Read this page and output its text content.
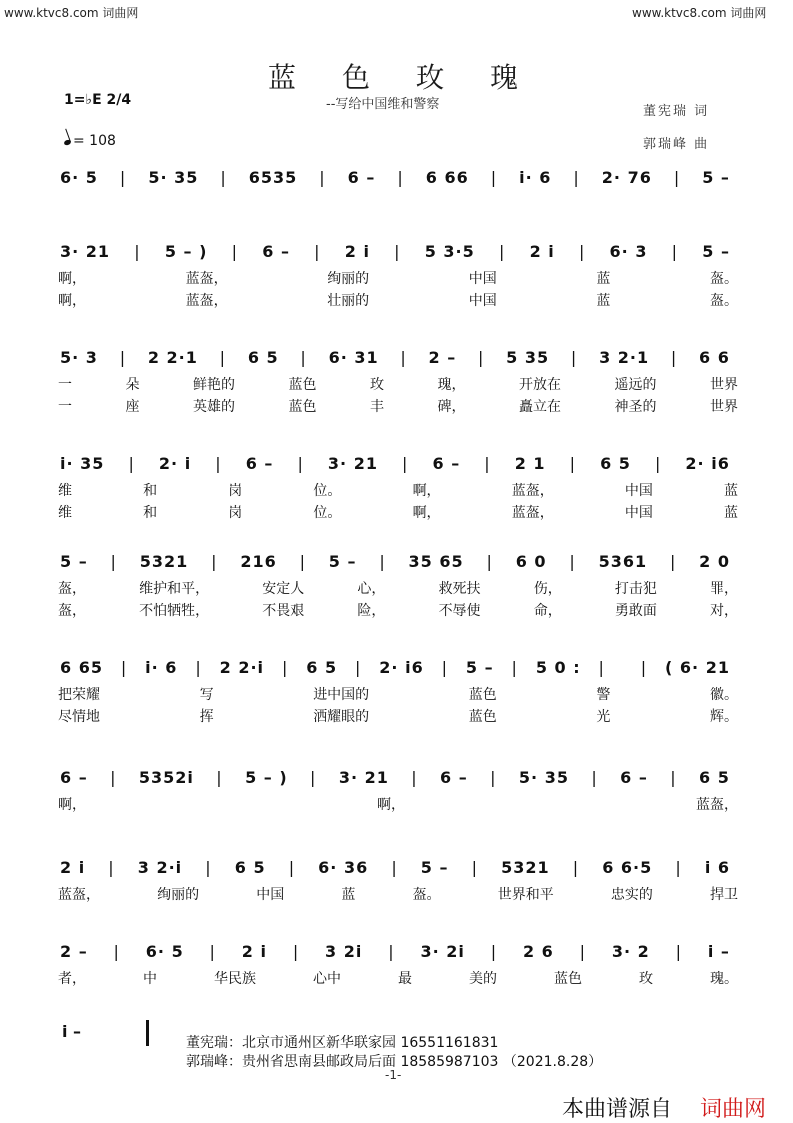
www.ktvc8.com 词曲网	www.ktvc8.com 词曲网
蓝色玫瑰
--写给中国维和警察	董宪瑞 词
郭瑞峰 曲
1=♭E 2/4
= 108
6· 5 | 5· 35 | 6535 | 6 – | 6 66 | i· 6 | 2· 76 | 5 –
3· 21 | 5 – ) | 6 – | 2 i | 5 3·5 | 2 i | 6· 3 | 5 –
啊，	蓝盔，	绚丽的	中国	蓝	盔。
啊，	蓝盔，	壮丽的	中国	蓝	盔。
5· 3 | 2 2·1 | 6 5 | 6· 31 | 2 – | 5 35 | 3 2·1 | 6 6
一	朵	鲜艳的	蓝色	玫	瑰，	开放在	遥远的	世界
一	座	英雄的	蓝色	丰	碑，	矗立在	神圣的	世界
i· 35 | 2· i | 6 – | 3· 21 | 6 – | 2 1 | 6 5 | 2· i6
维	和	岗	位。	啊，	蓝盔，	中国	蓝
维	和	岗	位。	啊，	蓝盔，	中国	蓝
5 – | 5321 | 216 | 5 – | 35 65 | 6 0 | 5361 | 2 0
盔，	维护和平，	安定人	心，	救死扶	伤，	打击犯	罪，
盔，	不怕牺牲，	不畏艰	险，	不辱使	命，	勇敢面	对，
6 65 | i· 6 | 2 2·i | 6 5 | 2· i6 | 5 – | 5 0 : | | ( 6· 21
把荣耀	写	进中国的	蓝色	警	徽。
尽情地	挥	洒耀眼的	蓝色	光	辉。
6 – | 5352i | 5 – ) | 3· 21 | 6 – | 5· 35 | 6 – | 6 5
啊，	啊，	蓝盔，
2 i | 3 2·i | 6 5 | 6· 36 | 5 – | 5321 | 6 6·5 | i 6
蓝盔，	绚丽的	中国	蓝	盔。	世界和平	忠实的	捍卫
2 – | 6· 5 | 2 i | 3 2i | 3· 2i | 2 6 | 3· 2 | i –
者，	中	华民族	心中	最	美的	蓝色	玫	瑰。
i –
董宪瑞：北京市通州区新华联家园 16551161831
郭瑞峰：贵州省思南县邮政局后面 18585987103 （2021.8.28）
-1-
本曲谱源自 词曲网
